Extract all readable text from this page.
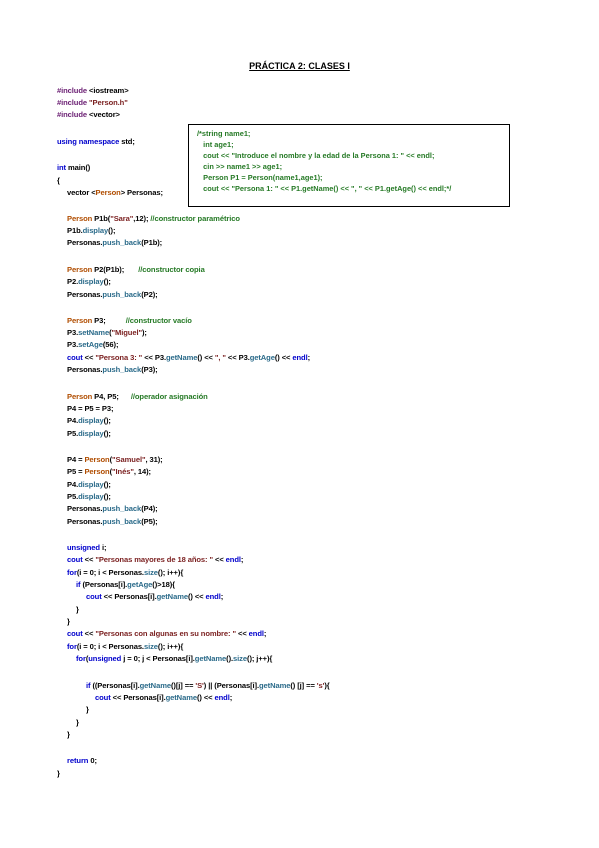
PRÁCTICA 2: CLASES I
#include <iostream>
#include "Person.h"
#include <vector>
using namespace std;
int main()
{
vector <Person> Personas;
Person P1b("Sara",12); //constructor paramétrico
P1b.display();
Personas.push_back(P1b);
Person P2(P1b);       //constructor copia
P2.display();
Personas.push_back(P2);
Person P3;          //constructor vacío
P3.setName("Miguel");
P3.setAge(56);
cout << "Persona 3: " << P3.getName() << ", " << P3.getAge() << endl;
Personas.push_back(P3);
Person P4, P5;      //operador asignación
P4 = P5 = P3;
P4.display();
P5.display();
P4 = Person("Samuel", 31);
P5 = Person("Inés", 14);
P4.display();
P5.display();
Personas.push_back(P4);
Personas.push_back(P5);
unsigned i;
cout << "Personas mayores de 18 años: " << endl;
for(i = 0; i < Personas.size(); i++){
if (Personas[i].getAge()>18){
cout << Personas[i].getName() << endl;
}
}
cout << "Personas con algunas en su nombre: " << endl;
for(i = 0; i < Personas.size(); i++){
for(unsigned j = 0; j < Personas[i].getName().size(); j++){
if ((Personas[i].getName()[j] == 'S') || (Personas[i].getName() [j] == 's'){
cout << Personas[i].getName() << endl;
}
}
}
return 0;
}
/*string name1;
int age1;
cout << "Introduce el nombre y la edad de la Persona 1: " << endl;
cin >> name1 >> age1;
Person P1 = Person(name1,age1);
cout << "Persona 1: " << P1.getName() << ", " << P1.getAge() << endl;*/
